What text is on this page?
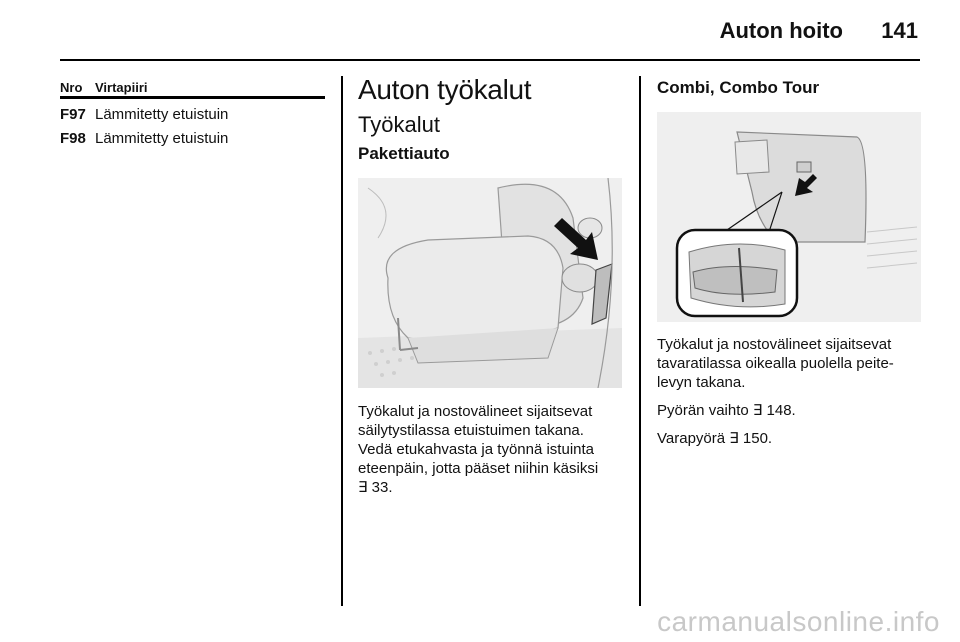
Auton hoito 141
Nro Virtapiiri
F97 Lämmitetty etuistuin
F98 Lämmitetty etuistuin
Auton työkalut
Työkalut
Pakettiauto
Työkalut ja nostovälineet sijaitsevat
säilytystilassa etuistuimen takana.
Vedä etukahvasta ja työnnä istuinta
eteenpäin, jotta pääset niihin käsiksi
∃ 33.
Combi, Combo Tour
Työkalut ja nostovälineet sijaitsevat
tavaratilassa oikealla puolella peite-
levyn takana.
Pyörän vaihto ∃ 148.
Varapyörä ∃ 150.
carmanualsonline.info
